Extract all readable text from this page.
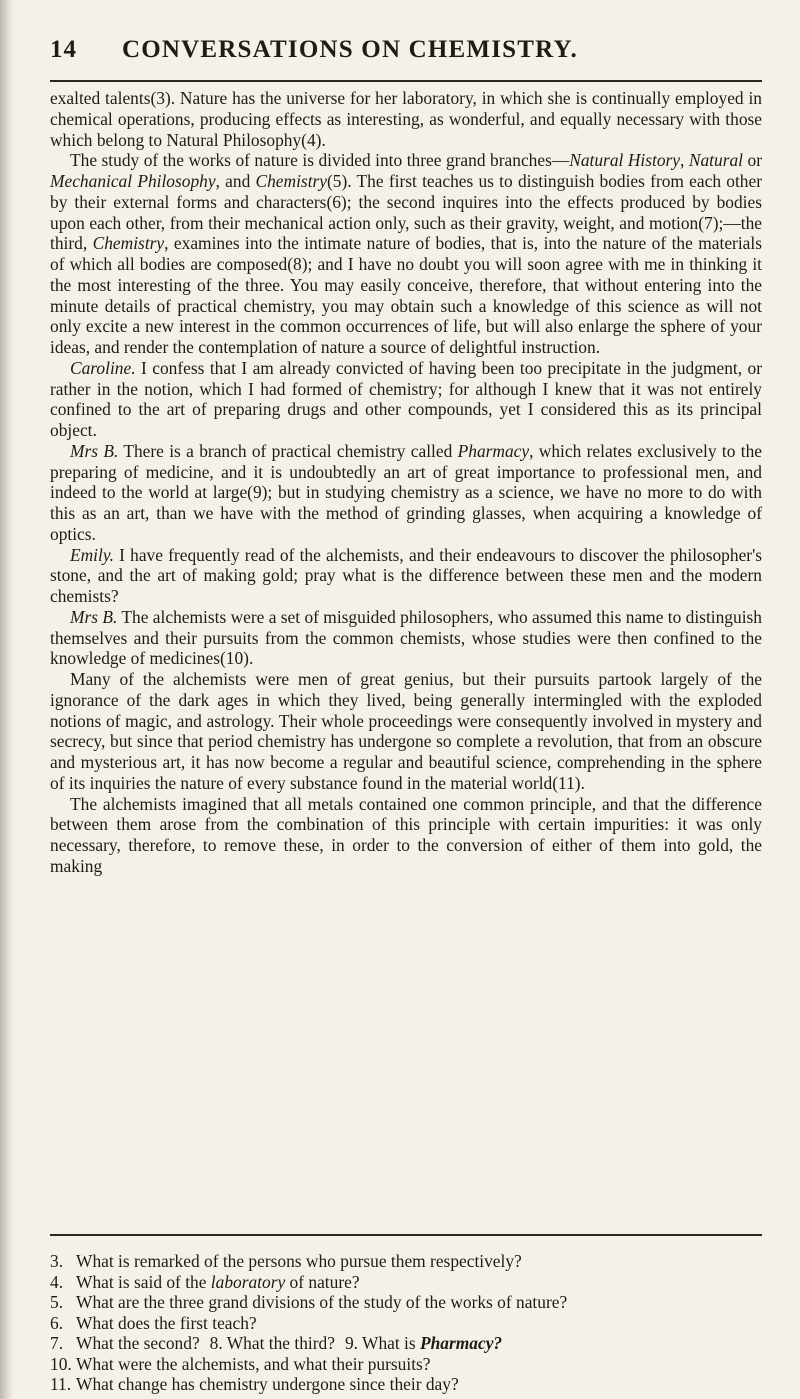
14 CONVERSATIONS ON CHEMISTRY.

exalted talents(3). Nature has the universe for her laboratory, in which she is continually employed in chemical operations, producing effects as interesting, as wonderful, and equally necessary with those which belong to Natural Philosophy(4).

The study of the works of nature is divided into three grand branches—Natural History, Natural or Mechanical Philosophy, and Chemistry(5). The first teaches us to distinguish bodies from each other by their external forms and characters(6); the second inquires into the effects produced by bodies upon each other, from their mechanical action only, such as their gravity, weight, and motion(7);—the third, Chemistry, examines into the intimate nature of bodies, that is, into the nature of the materials of which all bodies are composed(8); and I have no doubt you will soon agree with me in thinking it the most interesting of the three. You may easily conceive, therefore, that without entering into the minute details of practical chemistry, you may obtain such a knowledge of this science as will not only excite a new interest in the common occurrences of life, but will also enlarge the sphere of your ideas, and render the contemplation of nature a source of delightful instruction.

Caroline. I confess that I am already convicted of having been too precipitate in the judgment, or rather in the notion, which I had formed of chemistry; for although I knew that it was not entirely confined to the art of preparing drugs and other compounds, yet I considered this as its principal object.

Mrs B. There is a branch of practical chemistry called Pharmacy, which relates exclusively to the preparing of medicine, and it is undoubtedly an art of great importance to professional men, and indeed to the world at large(9); but in studying chemistry as a science, we have no more to do with this as an art, than we have with the method of grinding glasses, when acquiring a knowledge of optics.

Emily. I have frequently read of the alchemists, and their endeavours to discover the philosopher's stone, and the art of making gold; pray what is the difference between these men and the modern chemists?

Mrs B. The alchemists were a set of misguided philosophers, who assumed this name to distinguish themselves and their pursuits from the common chemists, whose studies were then confined to the knowledge of medicines(10).

Many of the alchemists were men of great genius, but their pursuits partook largely of the ignorance of the dark ages in which they lived, being generally intermingled with the exploded notions of magic, and astrology. Their whole proceedings were consequently involved in mystery and secrecy, but since that period chemistry has undergone so complete a revolution, that from an obscure and mysterious art, it has now become a regular and beautiful science, comprehending in the sphere of its inquiries the nature of every substance found in the material world(11).

The alchemists imagined that all metals contained one common principle, and that the difference between them arose from the combination of this principle with certain impurities: it was only necessary, therefore, to remove these, in order to the conversion of either of them into gold, the making

3. What is remarked of the persons who pursue them respectively?

4. What is said of the laboratory of nature?

5. What are the three grand divisions of the study of the works of nature?

6. What does the first teach?

7. What the second? 8. What the third? 9. What is Pharmacy?

10. What were the alchemists, and what their pursuits?

11. What change has chemistry undergone since their day?
